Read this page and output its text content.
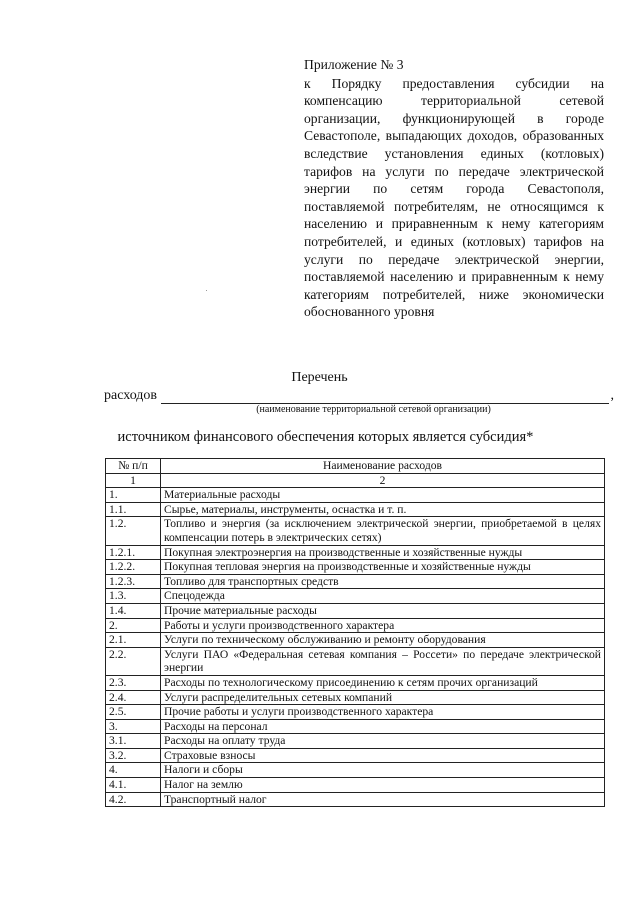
Приложение № 3
к Порядку предоставления субсидии на компенсацию территориальной сетевой организации, функционирующей в городе Севастополе, выпадающих доходов, образованных вследствие установления единых (котловых) тарифов на услуги по передаче электрической энергии по сетям города Севастополя, поставляемой потребителям, не относящимся к населению и приравненным к нему категориям потребителей, и единых (котловых) тарифов на услуги по передаче электрической энергии, поставляемой населению и приравненным к нему категориям потребителей, ниже экономически обоснованного уровня
Перечень
расходов	,
(наименование территориальной сетевой организации)
источником финансового обеспечения которых является субсидия*
№ п/п	Наименование расходов
1	2
1.	Материальные расходы
1.1.	Сырье, материалы, инструменты, оснастка и т. п.
1.2.	Топливо и энергия (за исключением электрической энергии, приобретаемой в целях компенсации потерь в электрических сетях)
1.2.1.	Покупная электроэнергия на производственные и хозяйственные нужды
1.2.2.	Покупная тепловая энергия на производственные и хозяйственные нужды
1.2.3.	Топливо для транспортных средств
1.3.	Спецодежда
1.4.	Прочие материальные расходы
2.	Работы и услуги производственного характера
2.1.	Услуги по техническому обслуживанию и ремонту оборудования
2.2.	Услуги ПАО «Федеральная сетевая компания – Россети» по передаче электрической энергии
2.3.	Расходы по технологическому присоединению к сетям прочих организаций
2.4.	Услуги распределительных сетевых компаний
2.5.	Прочие работы и услуги производственного характера
3.	Расходы на персонал
3.1.	Расходы на оплату труда
3.2.	Страховые взносы
4.	Налоги и сборы
4.1.	Налог на землю
4.2.	Транспортный налог
